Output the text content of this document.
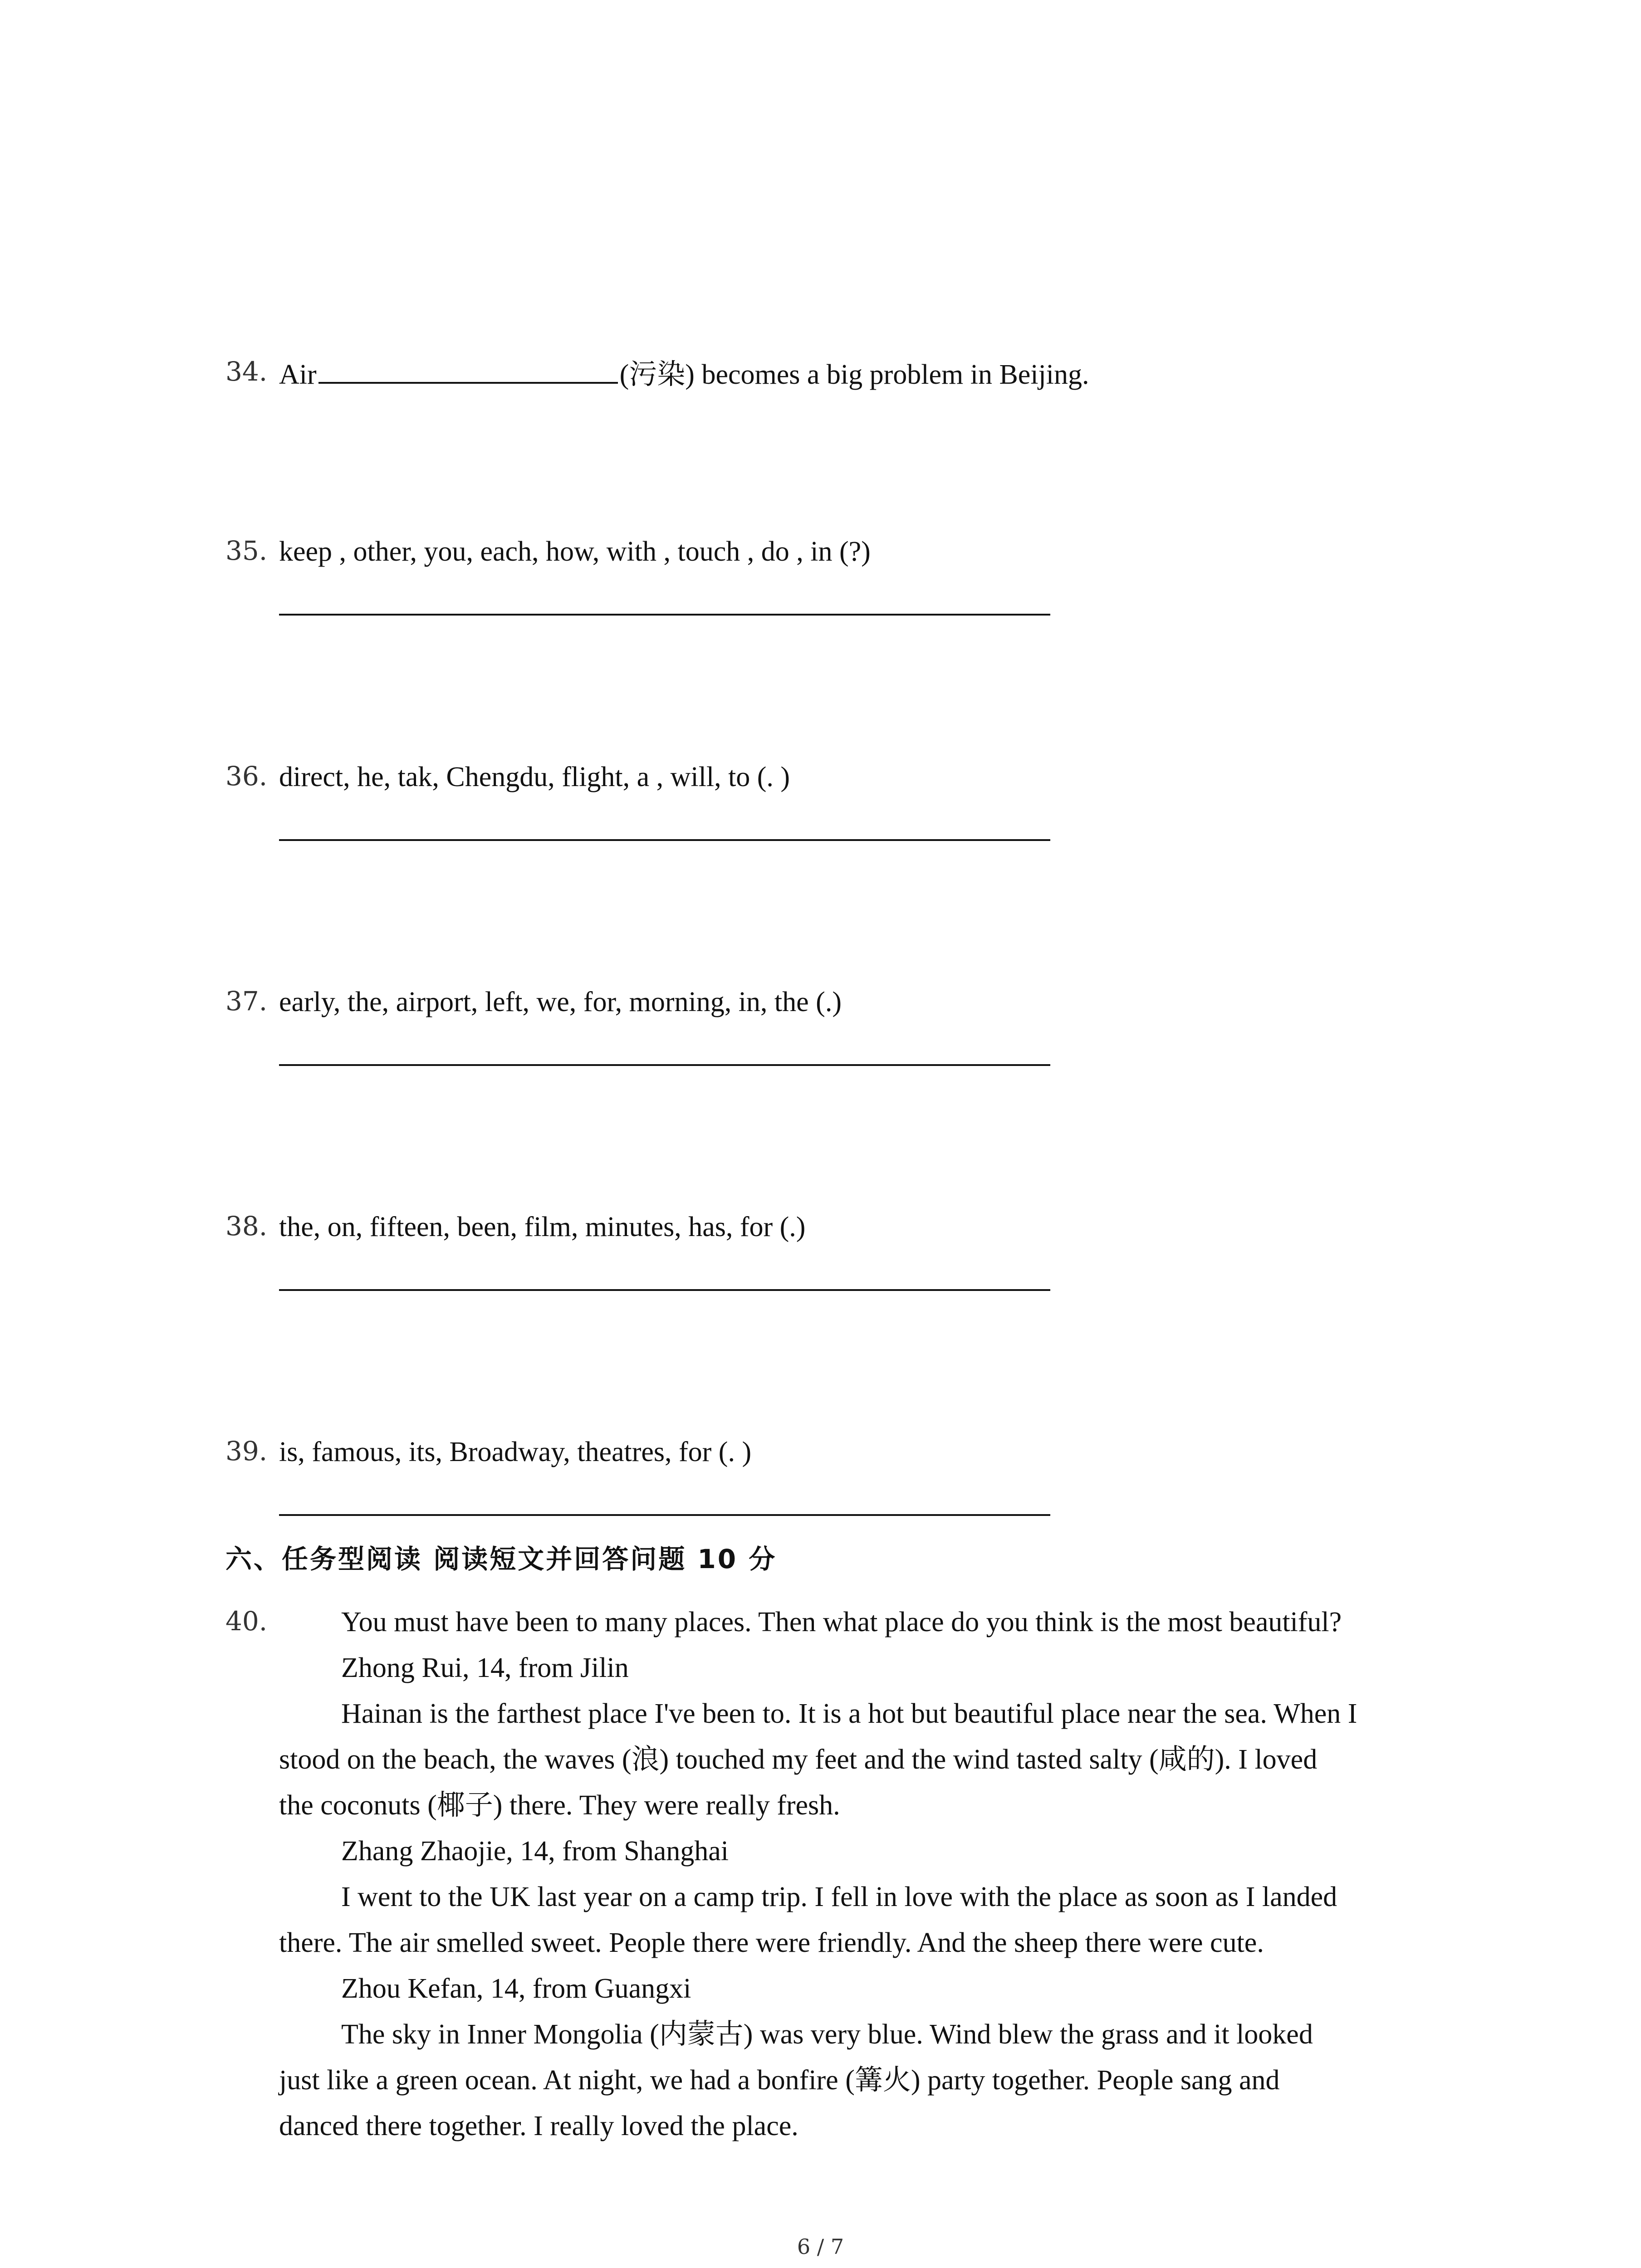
34. Air	(污染) becomes a big problem in Beijing.
35. keep , other, you, each, how, with , touch , do , in (?)
36. direct, he, tak, Chengdu, flight, a , will, to (. )
37. early, the, airport, left, we, for, morning, in, the (.)
38. the, on, fifteen, been, film, minutes, has, for (.)
39. is, famous, its, Broadway, theatres, for (. )
六、任务型阅读 阅读短文并回答问题 10 分
40.	You must have been to many places. Then what place do you think is the most beautiful?
Zhong Rui, 14, from Jilin
Hainan is the farthest place I've been to. It is a hot but beautiful place near the sea. When I
stood on the beach, the waves (浪) touched my feet and the wind tasted salty (咸的). I loved
the coconuts (椰子) there. They were really fresh.
Zhang Zhaojie, 14, from Shanghai
I went to the UK last year on a camp trip. I fell in love with the place as soon as I landed
there. The air smelled sweet. People there were friendly. And the sheep there were cute.
Zhou Kefan, 14, from Guangxi
The sky in Inner Mongolia (内蒙古) was very blue. Wind blew the grass and it looked
just like a green ocean. At night, we had a bonfire (篝火) party together. People sang and
danced there together. I really loved the place.
6 / 7
